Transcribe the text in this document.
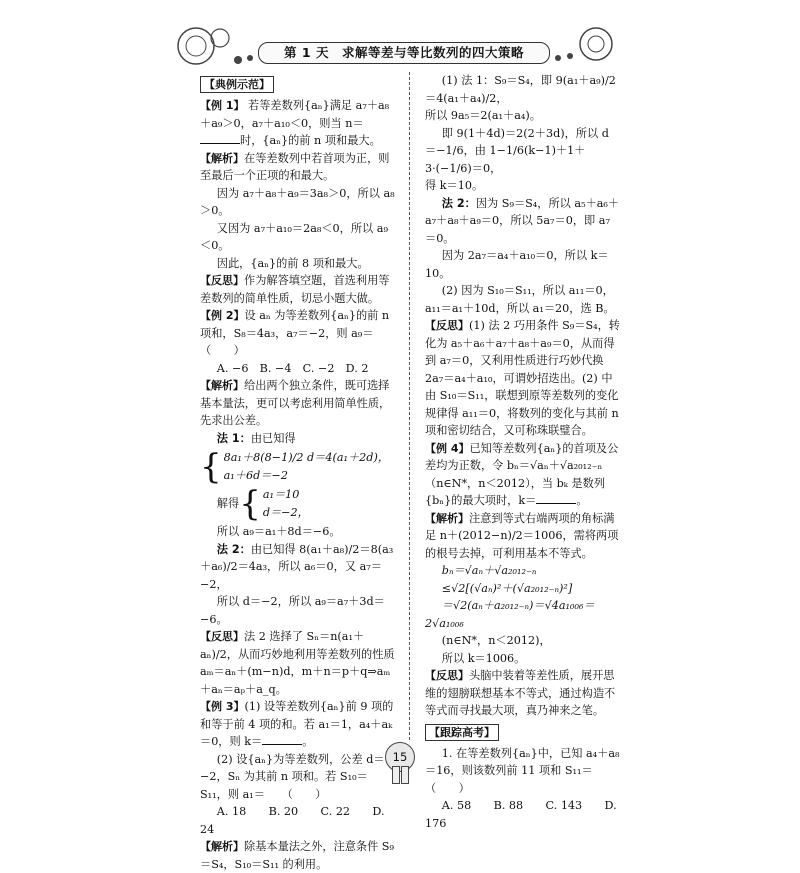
第 1 天　求解等差与等比数列的四大策略
【典例示范】

【例 1】 若等差数列{aₙ}满足 a₇＋a₈＋a₉＞0，a₇＋a₁₀＜0，则当 n＝时，{aₙ}的前 n 项和最大。

【解析】在等差数列中若首项为正，则至最后一个正项的和最大。

因为 a₇＋a₈＋a₉＝3a₈＞0，所以 a₈＞0。

又因为 a₇＋a₁₀＝2a₈＜0，所以 a₉＜0。

因此，{aₙ}的前 8 项和最大。

【反思】作为解答填空题，首选利用等差数列的简单性质，切忌小题大做。

【例 2】设 aₙ 为等差数列{aₙ}的前 n 项和，S₈＝4a₃，a₇＝−2，则 a₉＝　　（　　）

A. −6　B. −4　C. −2　D. 2

【解析】给出两个独立条件，既可选择基本量法，更可以考虑利用简单性质，先求出公差。

法 1：由已知得

{ 8a₁＋8(8−1)/2 d＝4(a₁＋2d)，

a₁＋6d＝−2

解得 { a₁＝10

d＝−2，

所以 a₉＝a₁＋8d＝−6。

法 2：由已知得 8(a₁＋a₈)/2＝8(a₃＋a₆)/2＝4a₃，所以 a₆＝0，又 a₇＝−2，

所以 d＝−2，所以 a₉＝a₇＋3d＝−6。

【反思】法 2 选择了 Sₙ＝n(a₁＋aₙ)/2，从而巧妙地利用等差数列的性质 aₘ＝aₙ＋(m−n)d，m＋n＝p＋q⇒aₘ＋aₙ＝aₚ＋a_q。

【例 3】(1) 设等差数列{aₙ}前 9 项的和等于前 4 项的和。若 a₁＝1，a₄＋aₖ＝0，则 k＝	。

(2) 设{aₙ}为等差数列，公差 d＝−2，Sₙ 为其前 n 项和。若 S₁₀＝S₁₁，则 a₁＝　　（　　）

A. 18　　B. 20　　C. 22　　D. 24

【解析】除基本量法之外，注意条件 S₉＝S₄，S₁₀＝S₁₁ 的利用。

(1) 法 1：S₉＝S₄，即 9(a₁＋a₉)/2＝4(a₁＋a₄)/2，

所以 9a₅＝2(a₁＋a₄)。

即 9(1＋4d)＝2(2＋3d)，所以 d＝−1/6，由 1−1/6(k−1)＋1＋3·(−1/6)＝0，

得 k＝10。

法 2：因为 S₉＝S₄，所以 a₅＋a₆＋a₇＋a₈＋a₉＝0，所以 5a₇＝0，即 a₇＝0。

因为 2a₇＝a₄＋a₁₀＝0，所以 k＝10。

(2) 因为 S₁₀＝S₁₁，所以 a₁₁＝0，a₁₁＝a₁＋10d，所以 a₁＝20，选 B。

【反思】(1) 法 2 巧用条件 S₉＝S₄，转化为 a₅＋a₆＋a₇＋a₈＋a₉＝0，从而得到 a₇＝0，又利用性质进行巧妙代换 2a₇＝a₄＋a₁₀，可谓妙招迭出。(2) 中由 S₁₀＝S₁₁，联想到原等差数列的变化规律得 a₁₁＝0，将数列的变化与其前 n 项和密切结合，又可称珠联璧合。

【例 4】已知等差数列{aₙ}的首项及公差均为正数，令 bₙ＝√aₙ＋√a₂₀₁₂₋ₙ（n∈N*，n＜2012），当 bₖ 是数列{bₙ}的最大项时，k＝	。

【解析】注意到等式右端两项的角标满足 n＋(2012−n)/2＝1006，需将两项的根号去掉，可利用基本不等式。

bₙ＝√aₙ＋√a₂₀₁₂₋ₙ

≤√2[(√aₙ)²＋(√a₂₀₁₂₋ₙ)²]

＝√2(aₙ＋a₂₀₁₂₋ₙ)＝√4a₁₀₀₆＝2√a₁₀₀₆

(n∈N*，n＜2012)，

所以 k＝1006。

【反思】头脑中装着等差性质，展开思维的翅膀联想基本不等式，通过构造不等式而寻找最大项，真乃神来之笔。

【跟踪高考】

1. 在等差数列{aₙ}中，已知 a₄＋a₈＝16，则该数列前 11 项和 S₁₁＝　　（　　）

A. 58　　B. 88　　C. 143　　D. 176

15
